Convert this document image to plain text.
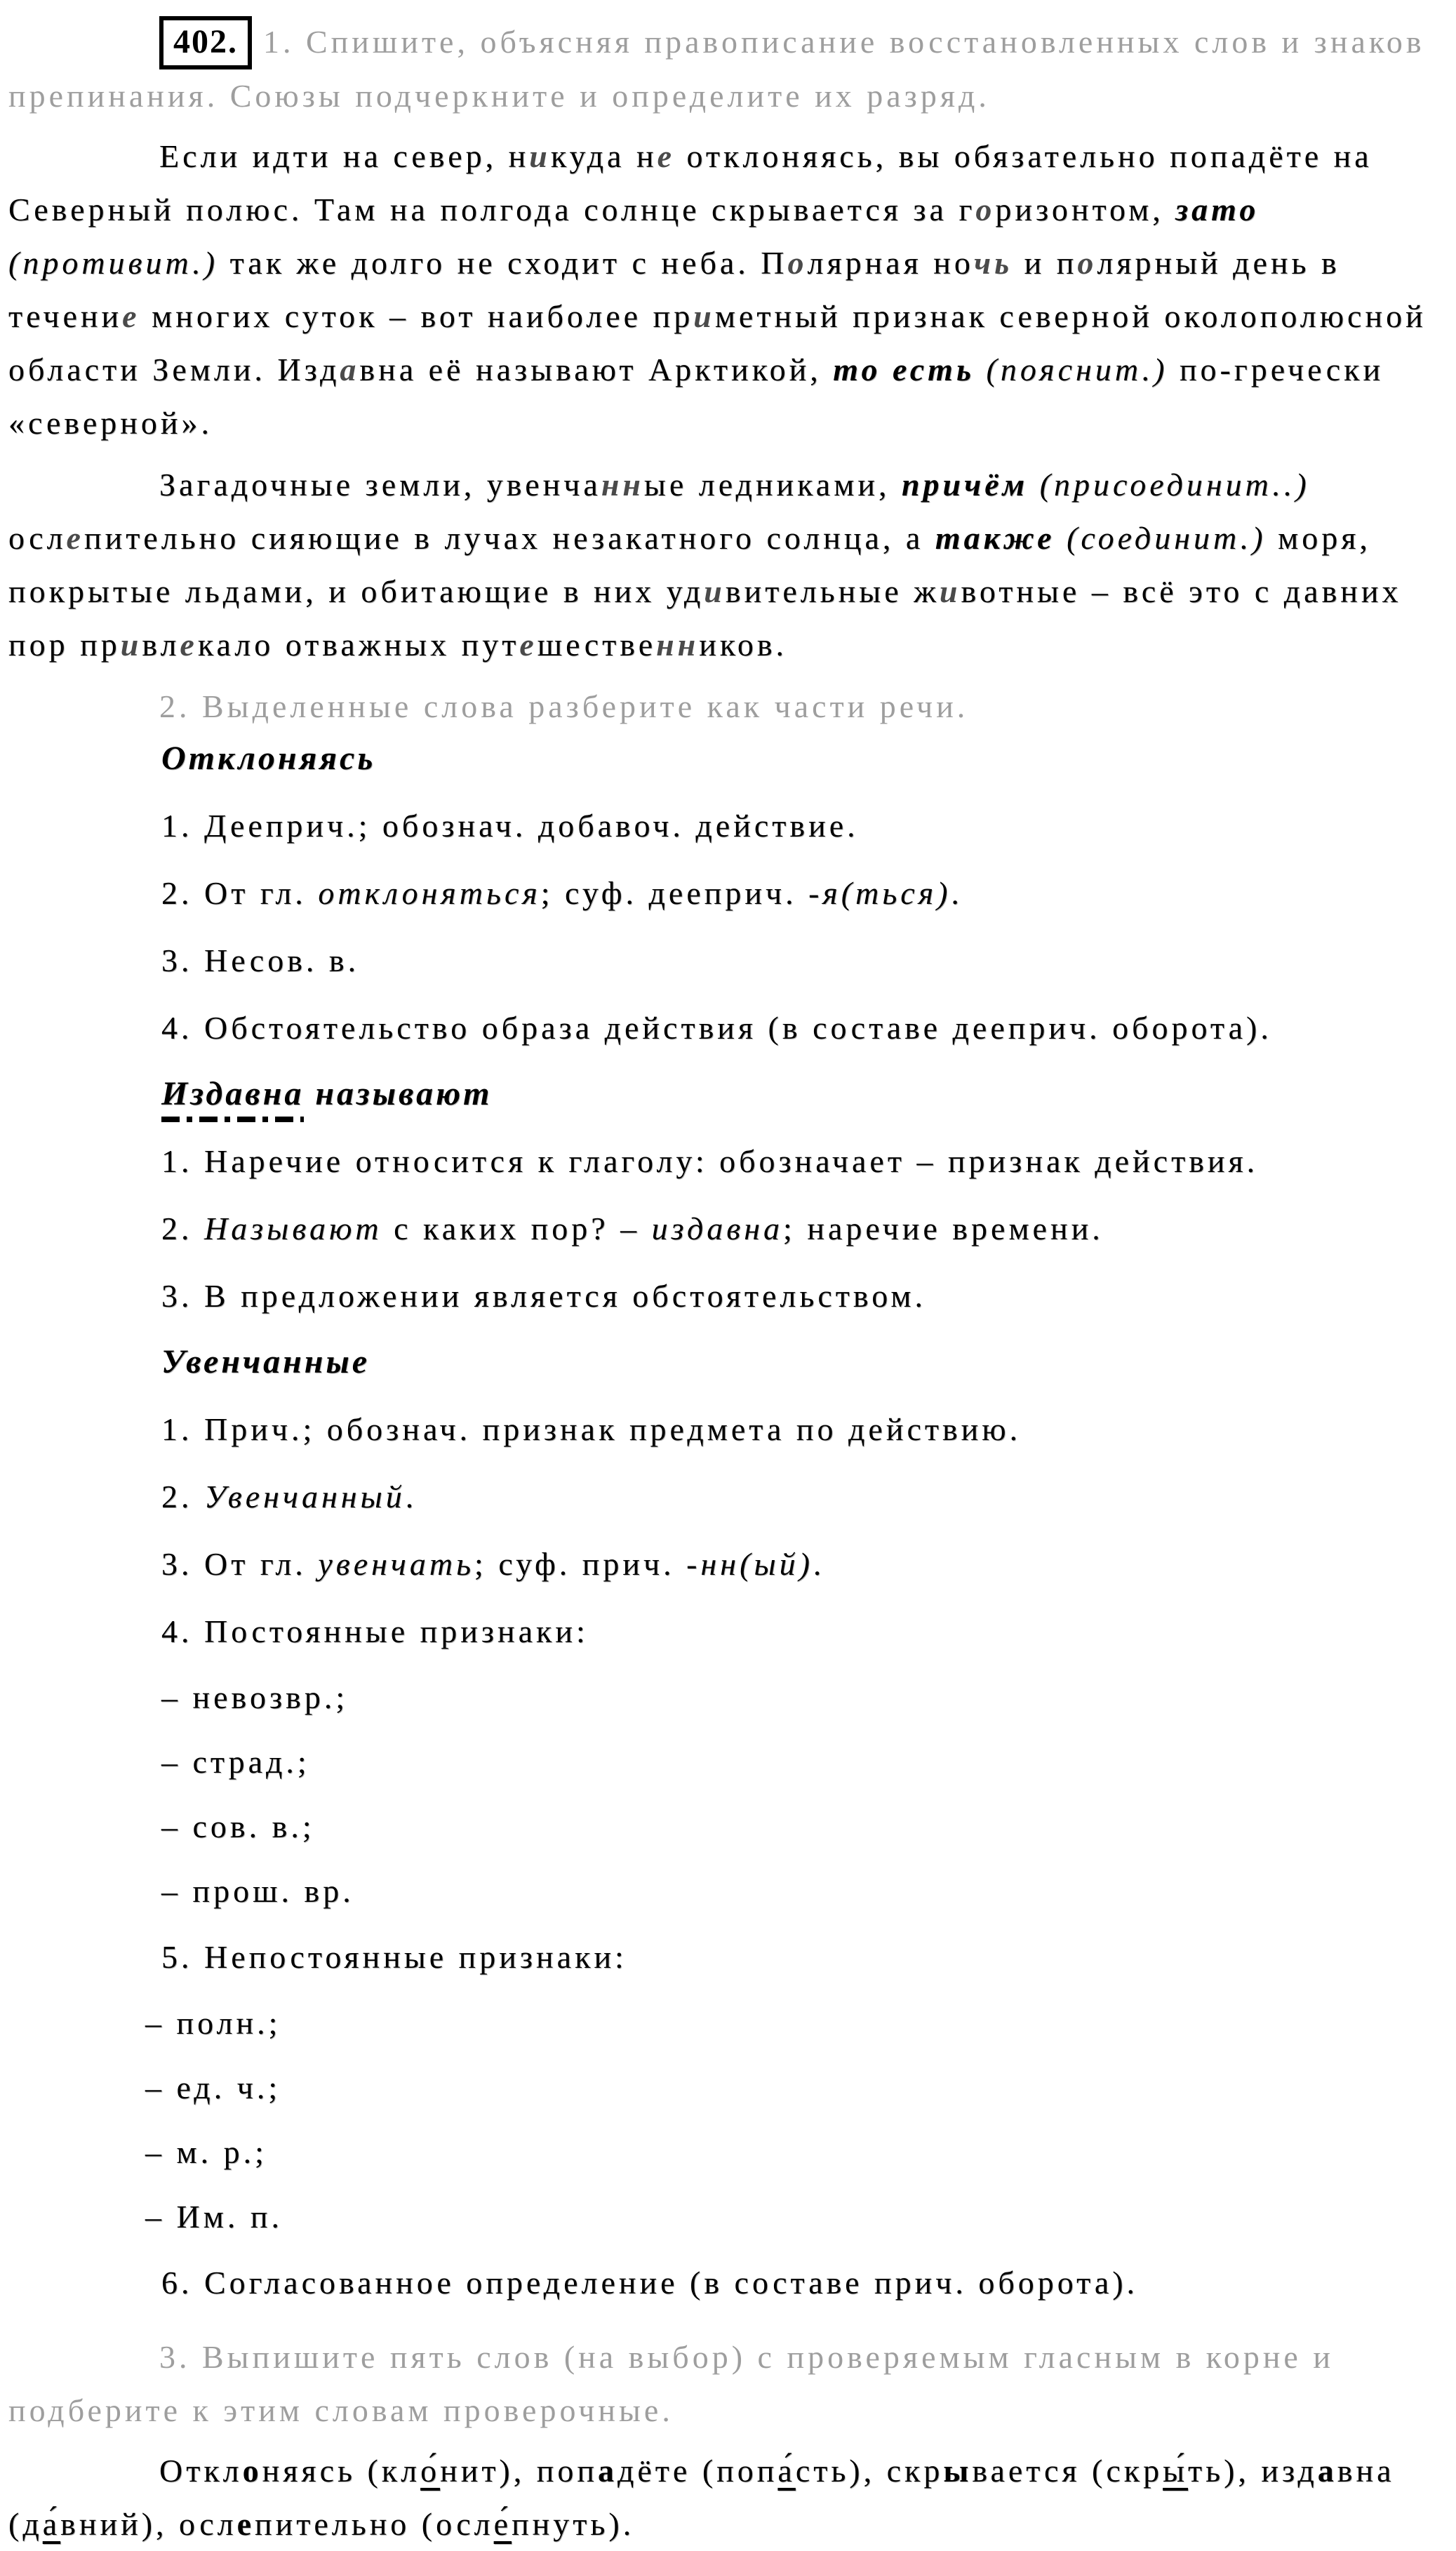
402. 1. Спишите, объясняя правописание восстановленных слов и знаков препинания. Союзы подчеркните и определите их разряд.
Если идти на север, никуда не отклоняясь, вы обязательно попадёте на Северный полюс. Там на полгода солнце скрывается за горизонтом, зато (противит.) так же долго не сходит с неба. Полярная ночь и полярный день в течение многих суток – вот наиболее приметный признак северной околополюсной области Земли. Издавна её называют Арктикой, то есть (пояснит.) по-гречески «северной».
Загадочные земли, увенчанные ледниками, причём (присоединит..) ослепительно сияющие в лучах незакатного солнца, а также (соединит.) моря, покрытые льдами, и обитающие в них удивительные животные – всё это с давних пор привлекало отважных путешественников.
2. Выделенные слова разберите как части речи.
Отклоняясь
1. Дееприч.; обознач. добавоч. действие.
2. От гл. отклоняться; суф. дееприч. -я(ться).
3. Несов. в.
4. Обстоятельство образа действия (в составе дееприч. оборота).
Издавна называют
1. Наречие относится к глаголу: обозначает – признак действия.
2. Называют с каких пор? – издавна; наречие времени.
3. В предложении является обстоятельством.
Увенчанные
1. Прич.; обознач. признак предмета по действию.
2. Увенчанный.
3. От гл. увенчать; суф. прич. -нн(ый).
4. Постоянные признаки:
– невозвр.;
– страд.;
– сов. в.;
– прош. вр.
5. Непостоянные признаки:
– полн.;
– ед. ч.;
– м. р.;
– Им. п.
6. Согласованное определение (в составе прич. оборота).
3. Выпишите пять слов (на выбор) с проверяемым гласным в корне и подберите к этим словам проверочные.
Отклоняясь (кло́нит), попадёте (попа́сть), скрывается (скры́ть), издавна (да́вний), ослепительно (осле́пнуть).
